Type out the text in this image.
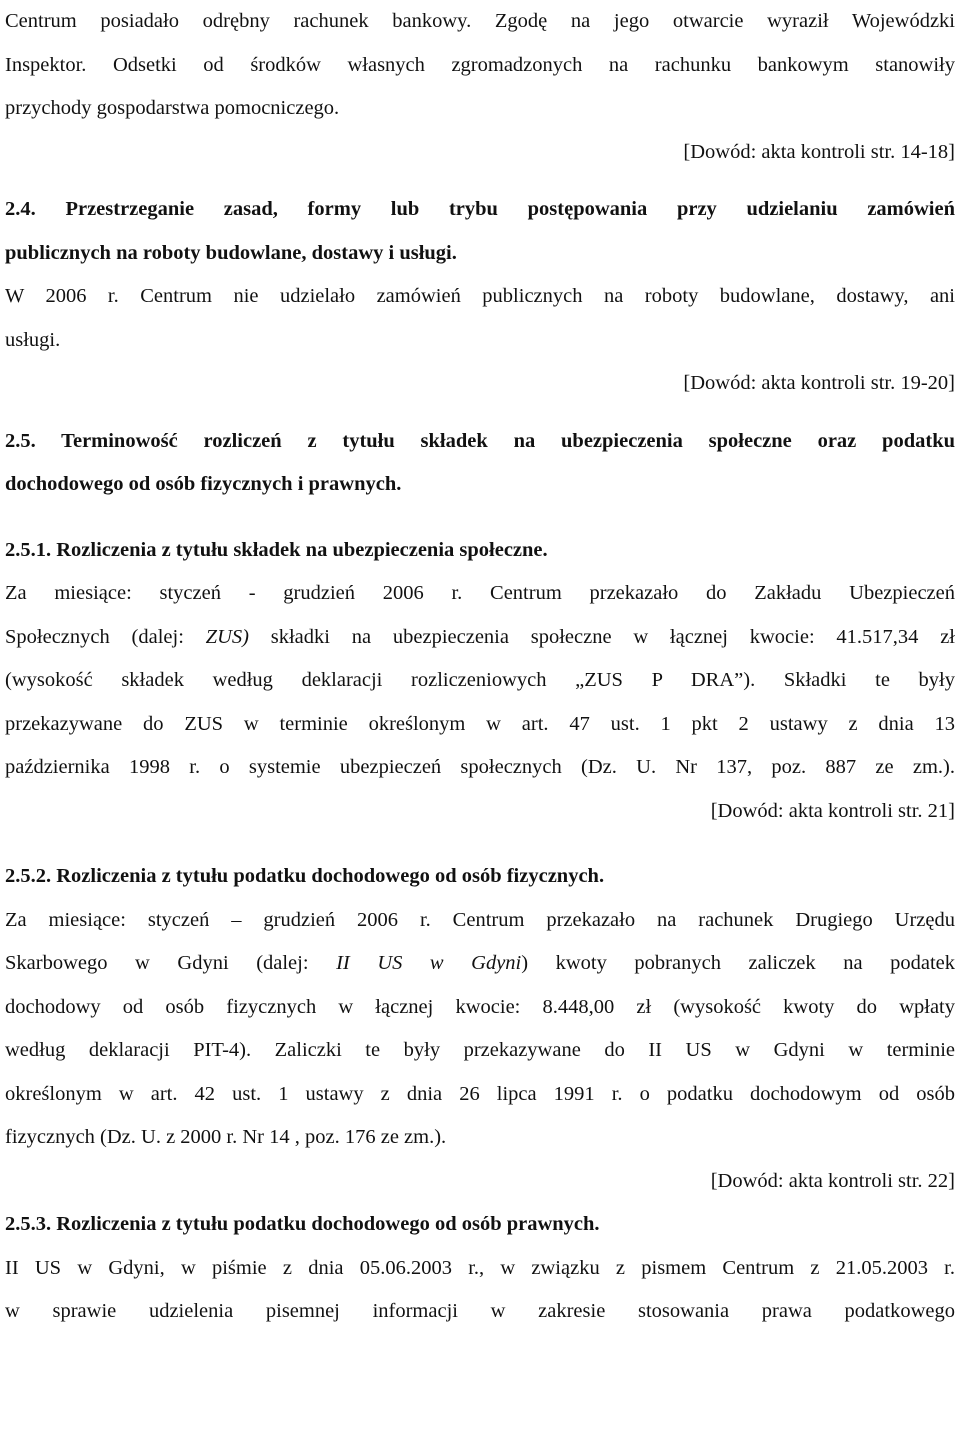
Centrum posiadało odrębny rachunek bankowy. Zgodę na jego otwarcie wyraził Wojewódzki
Inspektor. Odsetki od środków własnych zgromadzonych na rachunku bankowym stanowiły
przychody gospodarstwa pomocniczego.
[Dowód: akta kontroli str. 14-18]
2.4. Przestrzeganie zasad, formy lub trybu postępowania przy udzielaniu zamówień
publicznych na roboty budowlane, dostawy i usługi.
W 2006 r. Centrum nie udzielało zamówień publicznych na roboty budowlane, dostawy, ani
usługi.
[Dowód: akta kontroli str. 19-20]
2.5. Terminowość rozliczeń z tytułu składek na ubezpieczenia społeczne oraz podatku
dochodowego od osób fizycznych i prawnych.
2.5.1. Rozliczenia z tytułu składek na ubezpieczenia społeczne.
Za miesiące: styczeń - grudzień 2006 r. Centrum przekazało do Zakładu Ubezpieczeń
Społecznych (dalej: ZUS) składki na ubezpieczenia społeczne w łącznej kwocie: 41.517,34 zł
(wysokość składek według deklaracji rozliczeniowych „ZUS P DRA”). Składki te były
przekazywane do ZUS w terminie określonym w art. 47 ust. 1 pkt 2 ustawy z dnia 13
października 1998 r. o systemie ubezpieczeń społecznych (Dz. U. Nr 137, poz. 887 ze zm.).
[Dowód: akta kontroli str. 21]
2.5.2. Rozliczenia z tytułu podatku dochodowego od osób fizycznych.
Za miesiące: styczeń – grudzień 2006 r. Centrum przekazało na rachunek Drugiego Urzędu
Skarbowego w Gdyni (dalej: II US w Gdyni) kwoty pobranych zaliczek na podatek
dochodowy od osób fizycznych w łącznej kwocie: 8.448,00 zł (wysokość kwoty do wpłaty
według deklaracji PIT-4). Zaliczki te były przekazywane do II US w Gdyni w terminie
określonym w art. 42 ust. 1 ustawy z dnia 26 lipca 1991 r. o podatku dochodowym od osób
fizycznych (Dz. U. z 2000 r. Nr 14 , poz. 176 ze zm.).
[Dowód: akta kontroli str. 22]
2.5.3. Rozliczenia z tytułu podatku dochodowego od osób prawnych.
II US w Gdyni, w piśmie z dnia 05.06.2003 r., w związku z pismem Centrum z 21.05.2003 r.
w sprawie udzielenia pisemnej informacji w zakresie stosowania prawa podatkowego
